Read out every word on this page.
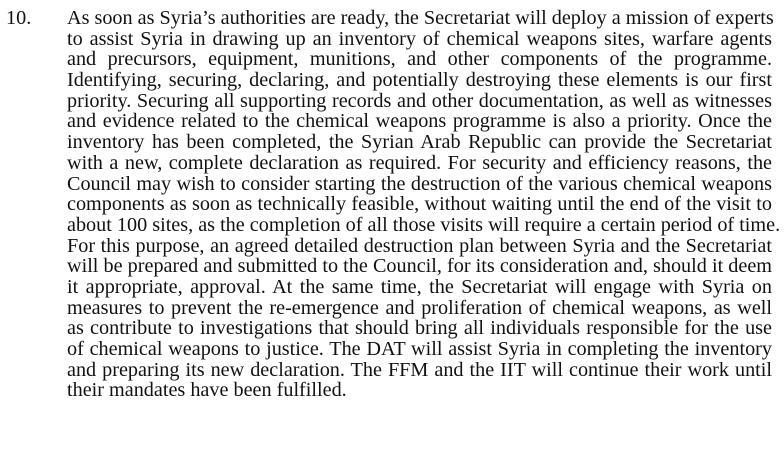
10. As soon as Syria’s authorities are ready, the Secretariat will deploy a mission of experts
to assist Syria in drawing up an inventory of chemical weapons sites, warfare agents
and precursors, equipment, munitions, and other components of the programme.
Identifying, securing, declaring, and potentially destroying these elements is our first
priority. Securing all supporting records and other documentation, as well as witnesses
and evidence related to the chemical weapons programme is also a priority. Once the
inventory has been completed, the Syrian Arab Republic can provide the Secretariat
with a new, complete declaration as required. For security and efficiency reasons, the
Council may wish to consider starting the destruction of the various chemical weapons
components as soon as technically feasible, without waiting until the end of the visit to
about 100 sites, as the completion of all those visits will require a certain period of time.
For this purpose, an agreed detailed destruction plan between Syria and the Secretariat
will be prepared and submitted to the Council, for its consideration and, should it deem
it appropriate, approval. At the same time, the Secretariat will engage with Syria on
measures to prevent the re-emergence and proliferation of chemical weapons, as well
as contribute to investigations that should bring all individuals responsible for the use
of chemical weapons to justice. The DAT will assist Syria in completing the inventory
and preparing its new declaration. The FFM and the IIT will continue their work until
their mandates have been fulfilled.
